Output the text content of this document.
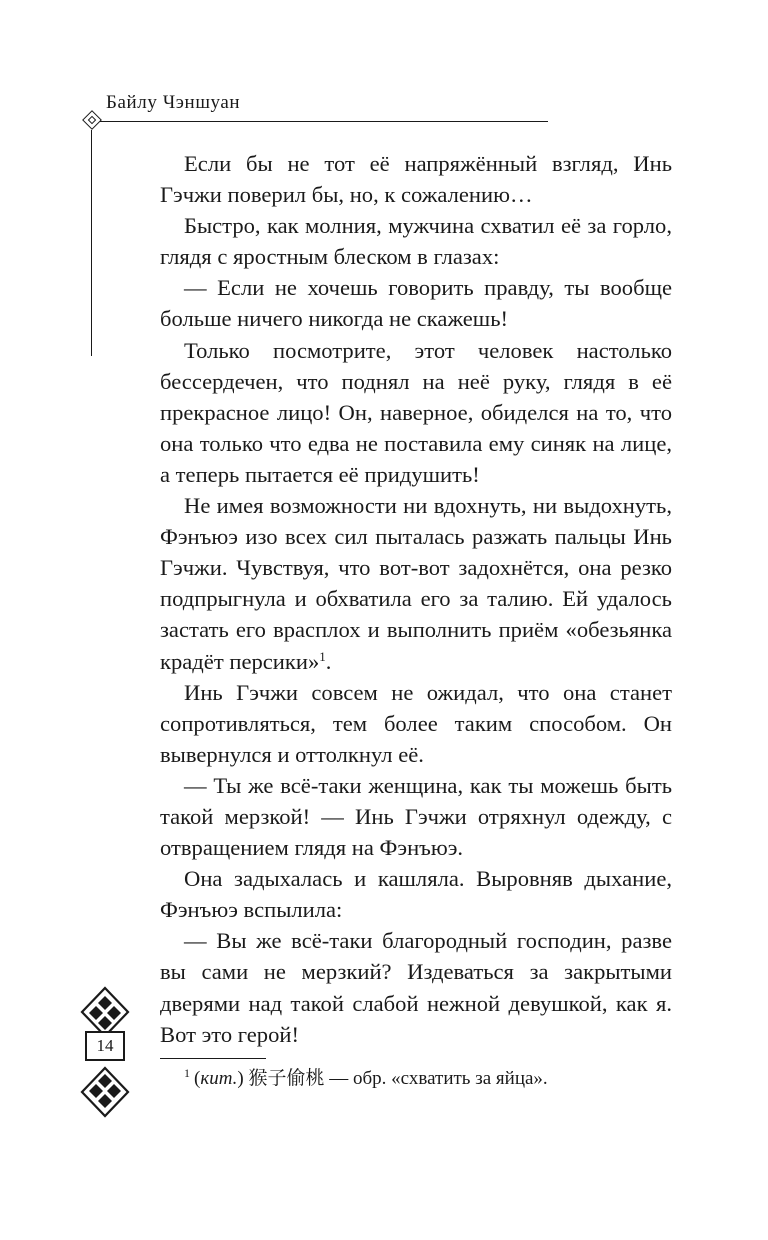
Байлу Чэншуан

Если бы не тот её напряжённый взгляд, Инь Гэчжи поверил бы, но, к сожалению…

Быстро, как молния, мужчина схватил её за горло, глядя с яростным блеском в глазах:

— Если не хочешь говорить правду, ты вообще больше ничего никогда не скажешь!

Только посмотрите, этот человек настолько бессердечен, что поднял на неё руку, глядя в её прекрасное лицо! Он, наверное, обиделся на то, что она только что едва не поставила ему синяк на лице, а теперь пытается её придушить!

Не имея возможности ни вдохнуть, ни выдохнуть, Фэнъюэ изо всех сил пыталась разжать пальцы Инь Гэчжи. Чувствуя, что вот-вот задохнётся, она резко подпрыгнула и обхватила его за талию. Ей удалось застать его врасплох и выполнить приём «обезьянка крадёт персики»$^1$.

Инь Гэчжи совсем не ожидал, что она станет сопротивляться, тем более таким способом. Он вывернулся и оттолкнул её.

— Ты же всё-таки женщина, как ты можешь быть такой мерзкой! — Инь Гэчжи отряхнул одежду, с отвращением глядя на Фэнъюэ.

Она задыхалась и кашляла. Выровняв дыхание, Фэнъюэ вспылила:

— Вы же всё-таки благородный господин, разве вы сами не мерзкий? Издеваться за закрытыми дверями над такой слабой нежной девушкой, как я. Вот это герой!

$^1$ (кит.) 猴子偷桃 — обр. «схватить за яйца».
14
